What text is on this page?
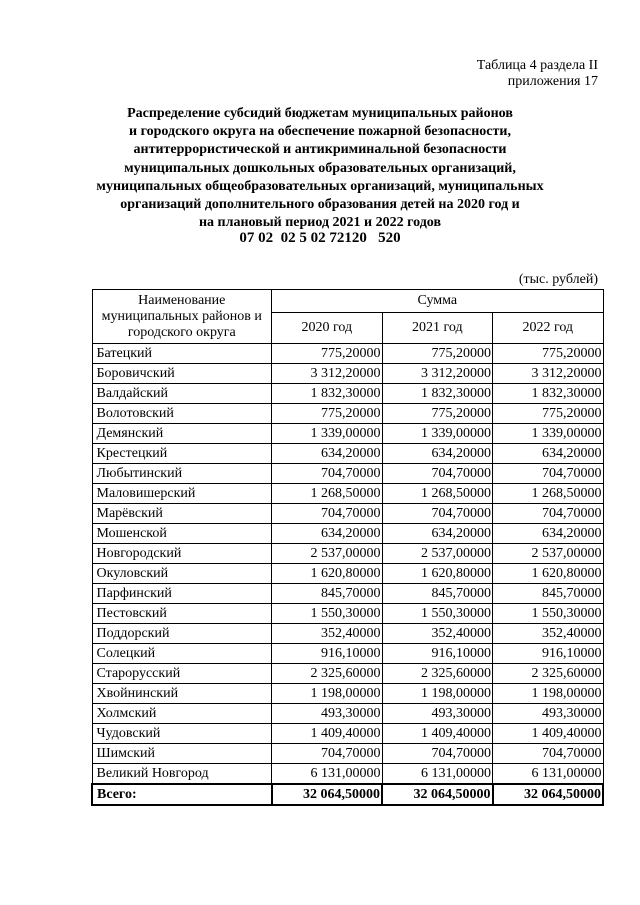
Таблица 4 раздела II
приложения 17
Распределение субсидий бюджетам муниципальных районов
и городского округа на обеспечение пожарной безопасности,
антитеррористической и антикриминальной безопасности
муниципальных дошкольных образовательных организаций,
муниципальных общеобразовательных организаций, муниципальных
организаций дополнительного образования детей на 2020 год и
на плановый период 2021 и 2022 годов
07 02  02 5 02 72120   520
(тыс. рублей)
Наименование муниципальных районов и городского округа	Сумма		
	2020 год	2021 год	2022 год
Батецкий	775,20000	775,20000	775,20000
Боровичский	3 312,20000	3 312,20000	3 312,20000
Валдайский	1 832,30000	1 832,30000	1 832,30000
Волотовский	775,20000	775,20000	775,20000
Демянский	1 339,00000	1 339,00000	1 339,00000
Крестецкий	634,20000	634,20000	634,20000
Любытинский	704,70000	704,70000	704,70000
Маловишерский	1 268,50000	1 268,50000	1 268,50000
Марёвский	704,70000	704,70000	704,70000
Мошенской	634,20000	634,20000	634,20000
Новгородский	2 537,00000	2 537,00000	2 537,00000
Окуловский	1 620,80000	1 620,80000	1 620,80000
Парфинский	845,70000	845,70000	845,70000
Пестовский	1 550,30000	1 550,30000	1 550,30000
Поддорский	352,40000	352,40000	352,40000
Солецкий	916,10000	916,10000	916,10000
Старорусский	2 325,60000	2 325,60000	2 325,60000
Хвойнинский	1 198,00000	1 198,00000	1 198,00000
Холмский	493,30000	493,30000	493,30000
Чудовский	1 409,40000	1 409,40000	1 409,40000
Шимский	704,70000	704,70000	704,70000
Великий Новгород	6 131,00000	6 131,00000	6 131,00000
Всего:	32 064,50000	32 064,50000	32 064,50000
